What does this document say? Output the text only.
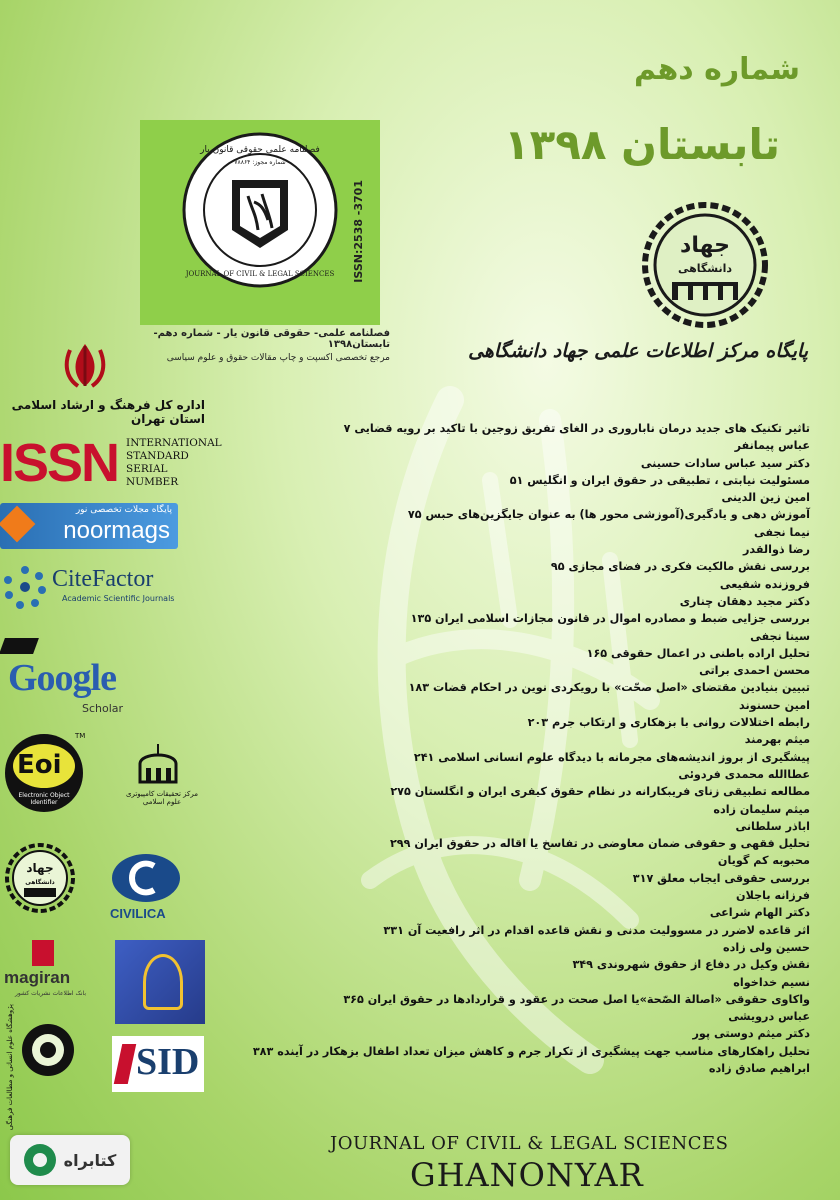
شماره دهم
تابستان ۱۳۹۸
فصلنامه علمی حقوقی قانون یار
شماره مجوز: ۷۸۸۶۴
JOURNAL OF CIVIL & LEGAL SCIENCES ISSN:2538 -3701
فصلنامه علمی- حقوقی قانون یار - شماره دهم- تابستان۱۳۹۸
مرجع تخصصی اکسپت و چاپ مقالات حقوق و علوم سیاسی
جهاد
دانشگاهی
پایگاه مرکز اطلاعات علمی جهاد دانشگاهی
تاثیر تکنیک های جدید درمان ناباروری در الغای تفریق زوجین با تاکید بر رویه قضایی ۷
عباس پیمانفر
دکتر سید عباس سادات حسینی
مسئولیت نیابتی ، تطبیقی در حقوق ایران و انگلیس ۵۱
امین زین الدینی
آموزش دهی و یادگیری(آموزشی محور ها) به عنوان جایگزین‌های حبس ۷۵
نیما نجفی
رضا ذوالقدر
بررسی نقش مالکیت فکری در فضای مجازی ۹۵
فروزنده شفیعی
دکتر مجید دهقان چناری
بررسی جزایی ضبط و مصادره اموال در قانون مجازات اسلامی ایران ۱۳۵
سینا نجفی
تحلیل اراده باطنی در اعمال حقوقی ۱۶۵
محسن احمدی براتی
تبیین بنیادین مقتضای «اصل صحّت» با رویکردی نوین در احکام قضات ۱۸۳
امین حسنوند
رابطه اختلالات روانی با بزهکاری و ارتکاب جرم ۲۰۳
میثم بهرمند
پیشگیری از بروز اندیشه‌های مجرمانه با دیدگاه علوم انسانی اسلامی ۲۴۱
عطاالله محمدی فردوئی
مطالعه تطبیقی زنای فریبکارانه در نظام حقوق کیفری ایران و انگلستان ۲۷۵
میثم سلیمان زاده
اباذر سلطانی
تحلیل فقهی و حقوقی ضمان معاوضی در تفاسخ یا اقاله در حقوق ایران ۲۹۹
محبوبه کم گویان
بررسی حقوقی ایجاب معلق ۳۱۷
فرزانه باجلان
دکتر الهام شراعی
اثر قاعده لاضرر در مسوولیت مدنی و نقش قاعده اقدام در اثر رافعیت آن ۳۳۱
حسین ولی زاده
نقش وکیل در دفاع از حقوق شهروندی ۳۴۹
نسیم خداخواه
واکاوی حقوقی «اصالة الصّحة»یا اصل صحت در عقود و قراردادها در حقوق ایران ۳۶۵
عباس درویشی
دکتر میثم دوستی پور
تحلیل راهکارهای مناسب جهت پیشگیری از تکرار جرم و کاهش میزان تعداد اطفال بزهکار در آینده ۳۸۳
ابراهیم صادق زاده
اداره کل فرهنگ و ارشاد اسلامی استان تهران
ISSN INTERNATIONAL
STANDARD
SERIAL
NUMBER
پایگاه مجلات تخصصی نور
noormags
CiteFactor
Academic Scientific Journals
Google
Scholar
Eoi
TM
Electronic Object Identifier
مرکز تحقیقات کامپیوتری علوم اسلامی
جهاد
دانشگاهی
CIVILICA
magiran
بانک اطلاعات نشریات کشور
پژوهشگاه علوم انسانی و مطالعات فرهنگی	SID
JOURNAL OF CIVIL & LEGAL SCIENCES
GHANONYAR
کتابراه
